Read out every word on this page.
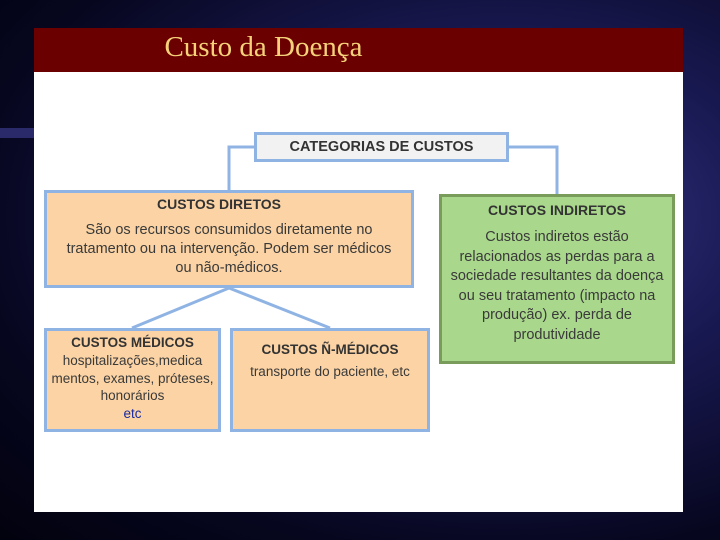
Custo da Doença
CATEGORIAS DE CUSTOS
CUSTOS DIRETOS
São os recursos consumidos diretamente no tratamento ou na intervenção. Podem ser médicos ou não-médicos.
CUSTOS INDIRETOS
Custos indiretos estão relacionados as perdas para a sociedade resultantes da doença ou seu tratamento (impacto na produção) ex. perda de produtividade
CUSTOS MÉDICOS
hospitalizações,medica mentos, exames, próteses, honorários
etc
CUSTOS Ñ-MÉDICOS
transporte do paciente, etc
